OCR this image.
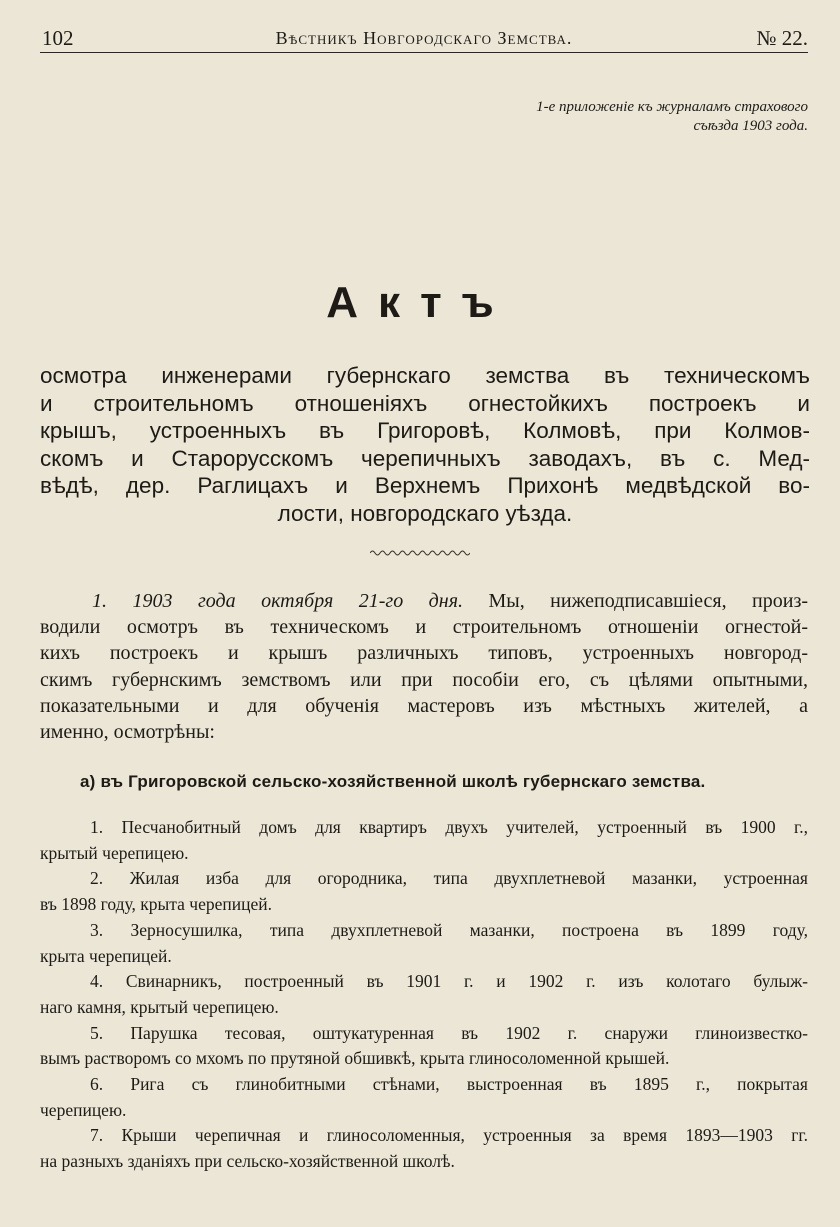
102	Вѣстникъ Новгородскаго Земства.	№ 22.
1-е приложеніе къ журналамъ страхового
съѣзда 1903 года.
Актъ
осмотра инженерами губернскаго земства въ техническомъ
и строительномъ отношеніяхъ огнестойкихъ построекъ и
крышъ, устроенныхъ въ Григоровѣ, Колмовѣ, при Колмов-
скомъ и Старорусскомъ черепичныхъ заводахъ, въ с. Мед-
вѣдѣ, дер. Раглицахъ и Верхнемъ Прихонѣ медвѣдской во-
лости, новгородскаго уѣзда.
1. 1903 года октября 21-го дня. Мы, нижеподписавшіеся, произ-
водили осмотръ въ техническомъ и строительномъ отношеніи огнестой-
кихъ построекъ и крышъ различныхъ типовъ, устроенныхъ новгород-
скимъ губернскимъ земствомъ или при пособіи его, съ цѣлями опытными,
показательными и для обученія мастеровъ изъ мѣстныхъ жителей, а
именно, осмотрѣны:
а) въ Григоровской сельско-хозяйственной школѣ губернскаго земства.
1. Песчанобитный домъ для квартиръ двухъ учителей, устроенный въ 1900 г.,
крытый черепицею.
2. Жилая изба для огородника, типа двухплетневой мазанки, устроенная
въ 1898 году, крыта черепицей.
3. Зерносушилка, типа двухплетневой мазанки, построена въ 1899 году,
крыта черепицей.
4. Свинарникъ, построенный въ 1901 г. и 1902 г. изъ колотаго булыж-
наго камня, крытый черепицею.
5. Парушка тесовая, оштукатуренная въ 1902 г. снаружи глиноизвестко-
вымъ растворомъ со мхомъ по прутяной обшивкѣ, крыта глиносоломенной крышей.
6. Рига съ глинобитными стѣнами, выстроенная въ 1895 г., покрытая
черепицею.
7. Крыши черепичная и глиносоломенныя, устроенныя за время 1893—1903 гг.
на разныхъ зданіяхъ при сельско-хозяйственной школѣ.
